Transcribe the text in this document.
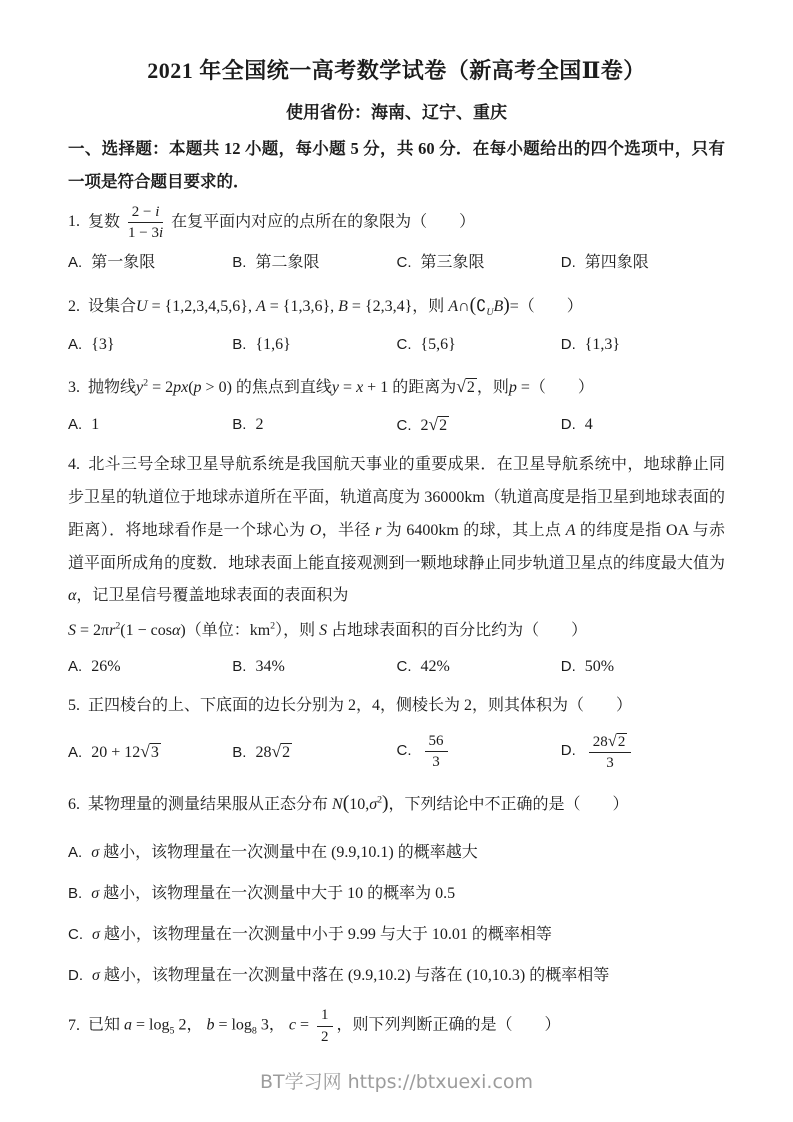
2021 年全国统一高考数学试卷（新高考全国Ⅱ卷）
使用省份：海南、辽宁、重庆
一、选择题：本题共 12 小题，每小题 5 分，共 60 分．在每小题给出的四个选项中，只有一项是符合题目要求的．
1. 复数 $\frac{2 - i}{1 - 3i}$ 在复平面内对应的点所在的象限为（　　）
A. 第一象限	B. 第二象限	C. 第三象限	D. 第四象限
2. 设集合U = {1,2,3,4,5,6}, A = {1,3,6}, B = {2,3,4}，则 $A\cap(∁_UB)=$（　　）
A. {3}	B. {1,6}	C. {5,6}	D. {1,3}
3. 抛物线$y^2 = 2px(p > 0)$ 的焦点到直线y = x + 1 的距离为√2 ，则p =（　　）
A. 1	B. 2	C. 2√2	D. 4
4. 北斗三号全球卫星导航系统是我国航天事业的重要成果．在卫星导航系统中，地球静止同步卫星的轨道位于地球赤道所在平面，轨道高度为 36000km（轨道高度是指卫星到地球表面的距离）．将地球看作是一个球心为 O，半径 r 为 6400km 的球，其上点 A 的纬度是指 OA 与赤道平面所成角的度数．地球表面上能直接观测到一颗地球静止同步轨道卫星点的纬度最大值为 α，记卫星信号覆盖地球表面的表面积为
$S = 2\pi r^2(1 - \cos\alpha)$（单位：$km^2$），则 S 占地球表面积的百分比约为（　　）
A. 26%	B. 34%	C. 42%	D. 50%
5. 正四棱台的上、下底面的边长分别为 2，4，侧棱长为 2，则其体积为（　　）
A. 20 + 12√3	B. 28√2	C. $\frac{56}{3}$	D. $\frac{28√2}{3}$
6. 某物理量的测量结果服从正态分布 $N(10,\sigma^2)$，下列结论中不正确的是（　　）
A. σ 越小，该物理量在一次测量中在 (9.9,10.1) 的概率越大
B. σ 越小，该物理量在一次测量中大于 10 的概率为 0.5
C. σ 越小，该物理量在一次测量中小于 9.99 与大于 10.01 的概率相等
D. σ 越小，该物理量在一次测量中落在 (9.9,10.2) 与落在 (10,10.3) 的概率相等
7. 已知 $a = \log_5 2$， $b = \log_8 3$， $c = \frac{1}{2}$ ，则下列判断正确的是（　　）
BT学习网 https://btxuexi.com
